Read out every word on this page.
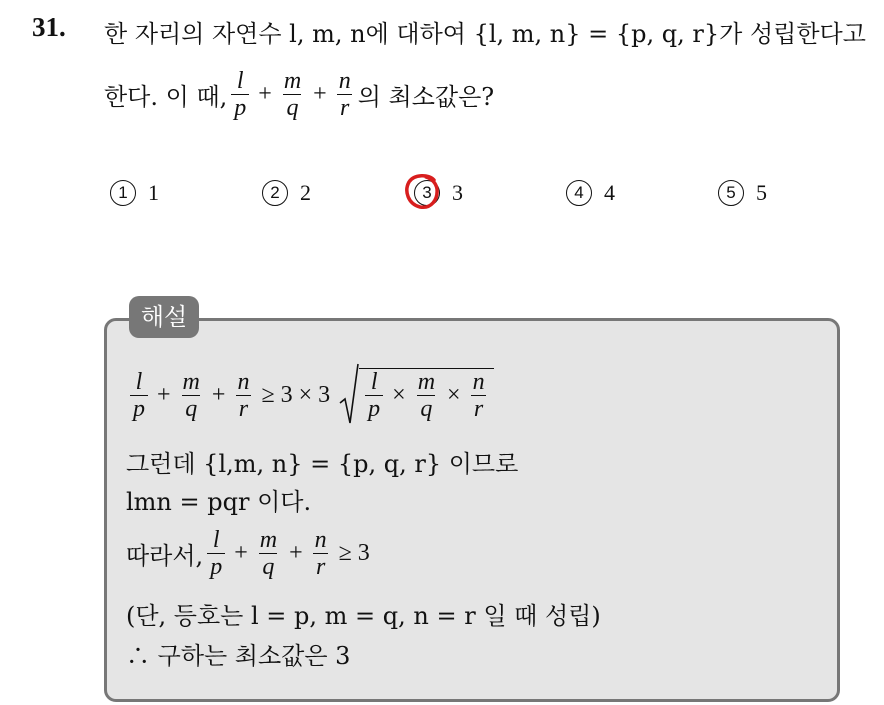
31. 한 자리의 자연수 l, m, n에 대하여 {l, m, n} = {p, q, r}가 성립한다고
한다. 이 때, $\frac{l}{p} + \frac{m}{q} + \frac{n}{r}$ 의 최소값은?
1 1	2 2	3 3	4 4	5 5
해설
$\frac{l}{p} + \frac{m}{q} + \frac{n}{r} \ge 3 \times 3 \frac{l}{p} \times \frac{m}{q} \times \frac{n}{r}$
그런데 {l,m, n} = {p, q, r} 이므로
lmn = pqr 이다.
따라서, $\frac{l}{p} + \frac{m}{q} + \frac{n}{r} \ge 3$
(단, 등호는 l = p, m = q, n = r 일 때 성립)
∴ 구하는 최소값은 3
